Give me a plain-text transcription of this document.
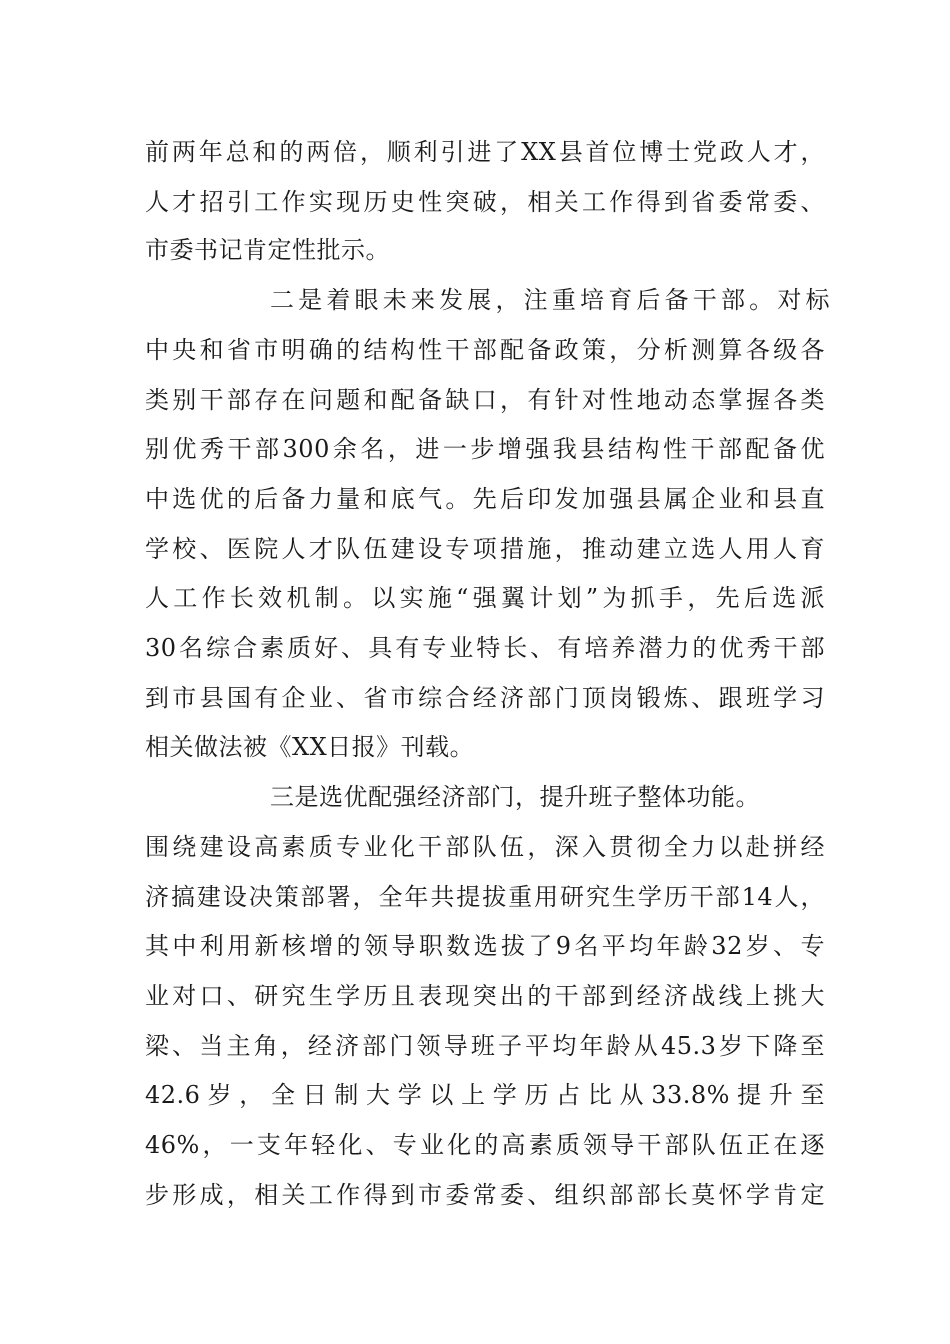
前两年总和的两倍，顺利引进了XX县首位博士党政人才，
人才招引工作实现历史性突破，相关工作得到省委常委、
市委书记肯定性批示。
二是着眼未来发展，注重培育后备干部。对标
中央和省市明确的结构性干部配备政策，分析测算各级各
类别干部存在问题和配备缺口，有针对性地动态掌握各类
别优秀干部300余名，进一步增强我县结构性干部配备优
中选优的后备力量和底气。先后印发加强县属企业和县直
学校、医院人才队伍建设专项措施，推动建立选人用人育
人工作长效机制。以实施“强翼计划”为抓手，先后选派
30名综合素质好、具有专业特长、有培养潜力的优秀干部
到市县国有企业、省市综合经济部门顶岗锻炼、跟班学习
相关做法被《XX日报》刊载。
三是选优配强经济部门，提升班子整体功能。
围绕建设高素质专业化干部队伍，深入贯彻全力以赴拼经
济搞建设决策部署，全年共提拔重用研究生学历干部14人，
其中利用新核增的领导职数选拔了9名平均年龄32岁、专
业对口、研究生学历且表现突出的干部到经济战线上挑大
梁、当主角，经济部门领导班子平均年龄从45.3岁下降至
42.6岁，全日制大学以上学历占比从33.8%提升至
46%，一支年轻化、专业化的高素质领导干部队伍正在逐
步形成，相关工作得到市委常委、组织部部长莫怀学肯定
